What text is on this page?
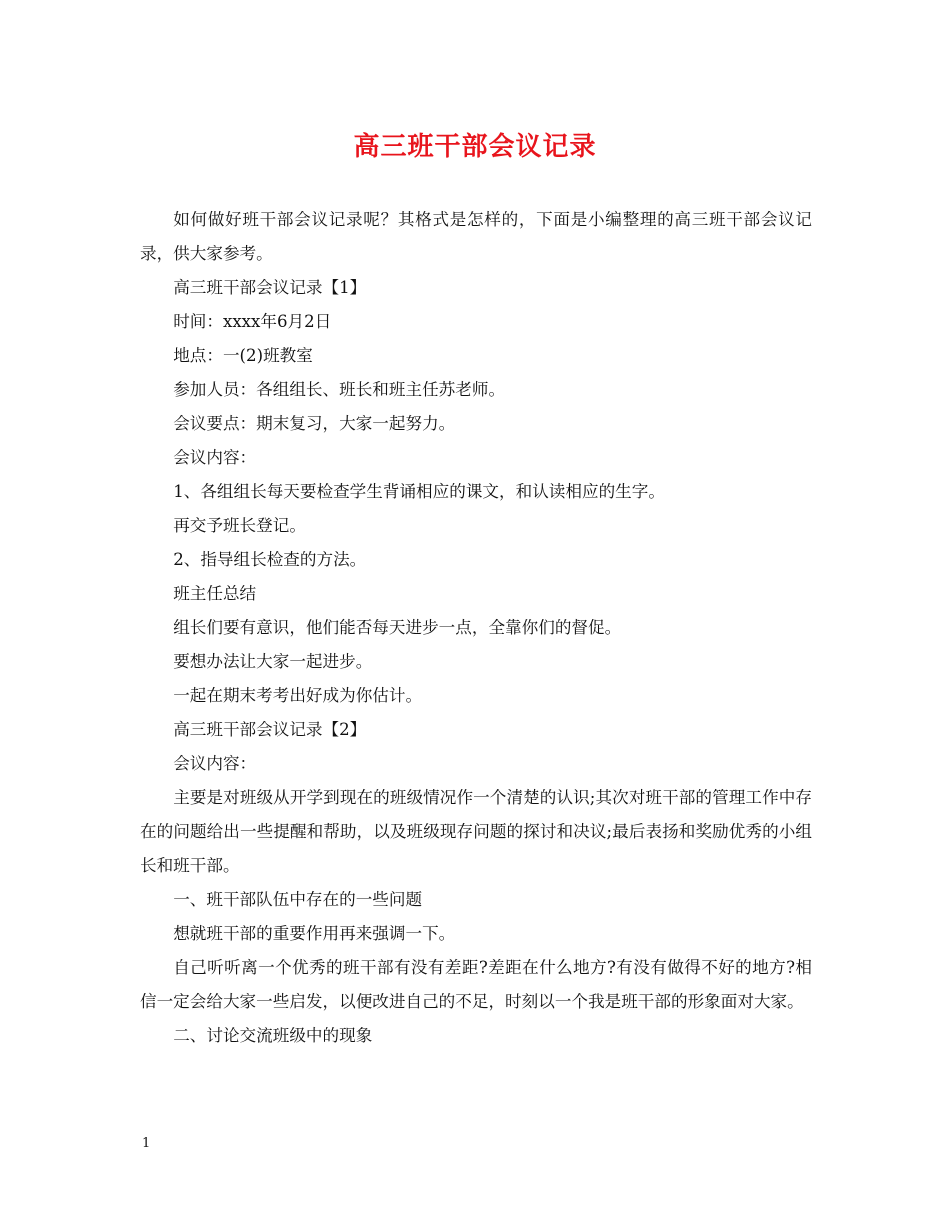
高三班干部会议记录

如何做好班干部会议记录呢？其格式是怎样的，下面是小编整理的高三班干部会议记录，供大家参考。

高三班干部会议记录【1】

时间：xxxx年6月2日

地点：一(2)班教室

参加人员：各组组长、班长和班主任苏老师。

会议要点：期末复习，大家一起努力。

会议内容：

1、各组组长每天要检查学生背诵相应的课文，和认读相应的生字。

再交予班长登记。

2、指导组长检查的方法。

班主任总结

组长们要有意识，他们能否每天进步一点，全靠你们的督促。

要想办法让大家一起进步。

一起在期末考考出好成为你估计。

高三班干部会议记录【2】

会议内容：

主要是对班级从开学到现在的班级情况作一个清楚的认识;其次对班干部的管理工作中存在的问题给出一些提醒和帮助，以及班级现存问题的探讨和决议;最后表扬和奖励优秀的小组长和班干部。

一、班干部队伍中存在的一些问题

想就班干部的重要作用再来强调一下。

自己听听离一个优秀的班干部有没有差距?差距在什么地方?有没有做得不好的地方?相信一定会给大家一些启发，以便改进自己的不足，时刻以一个我是班干部的形象面对大家。

二、讨论交流班级中的现象

1
